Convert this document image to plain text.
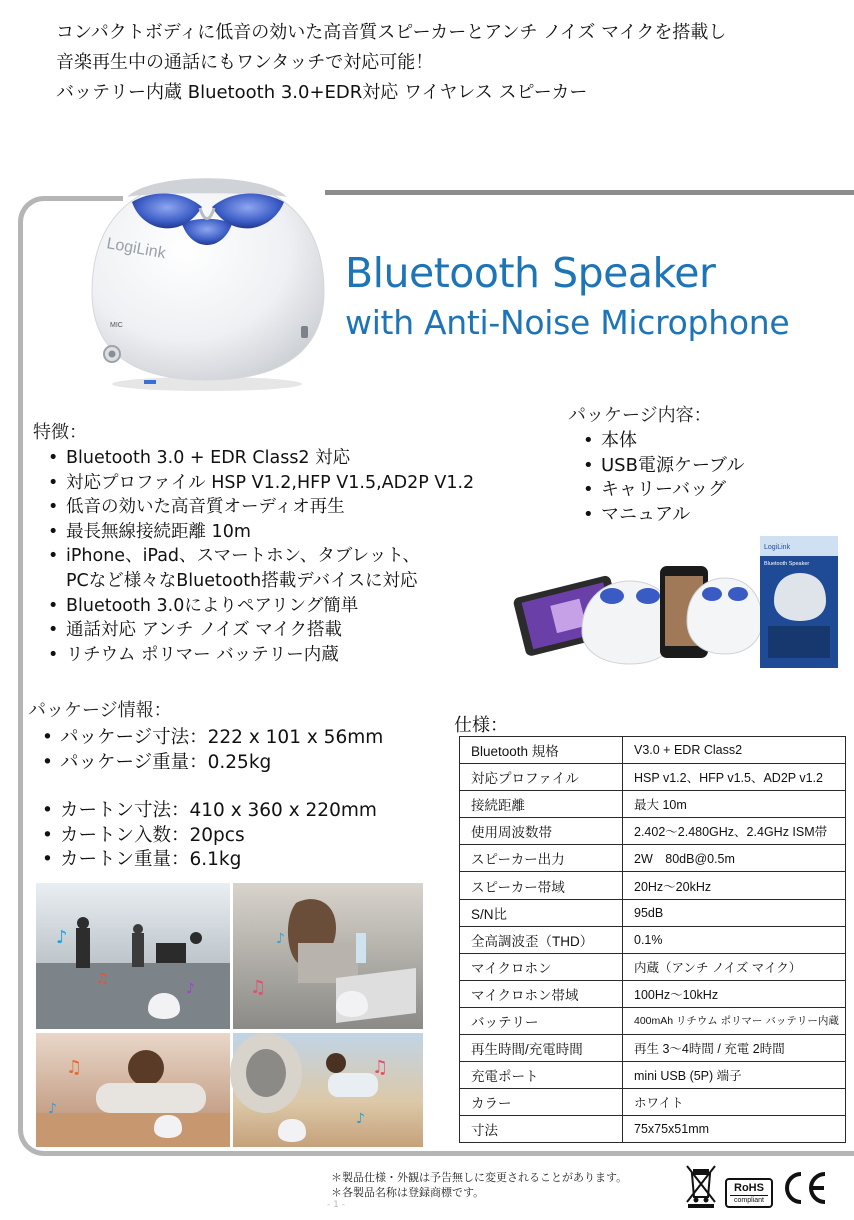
コンパクトボディに低音の効いた高音質スピーカーとアンチ ノイズ マイクを搭載し
音楽再生中の通話にもワンタッチで対応可能！
バッテリー内蔵 Bluetooth 3.0+EDR対応 ワイヤレス スピーカー
LogiLink
MIC
Bluetooth Speaker
with Anti-Noise Microphone
特徴：
• Bluetooth 3.0 + EDR Class2 対応
• 対応プロファイル HSP V1.2,HFP V1.5,AD2P V1.2
• 低音の効いた高音質オーディオ再生
• 最長無線接続距離 10m
• iPhone、iPad、スマートホン、タブレット、
PCなど様々なBluetooth搭載デバイスに対応
• Bluetooth 3.0によりペアリング簡単
• 通話対応 アンチ ノイズ マイク搭載
• リチウム ポリマー バッテリー内蔵
パッケージ内容：
• 本体
• USB電源ケーブル
• キャリーバッグ
• マニュアル
LogiLink
Bluetooth Speaker
パッケージ情報：
• パッケージ寸法：222 x 101 x 56mm
• パッケージ重量：0.25kg
• カートン寸法：410 x 360 x 220mm
• カートン入数：20pcs
• カートン重量：6.1kg
♪
♫
♪	♫
♪
♫
♪
♫
♪
仕様：
Bluetooth 規格	V3.0 + EDR Class2
対応プロファイル	HSP v1.2、HFP v1.5、AD2P v1.2
接続距離	最大 10m
使用周波数帯	2.402～2.480GHz、2.4GHz ISM帯
スピーカー出力	2W　80dB@0.5m
スピーカー帯域	20Hz～20kHz
S/N比	95dB
全高調波歪（THD）	0.1%
マイクロホン	内蔵（アンチ ノイズ マイク）
マイクロホン帯域	100Hz～10kHz
バッテリー	400mAh リチウム ポリマー バッテリー内蔵
再生時間/充電時間	再生 3～4時間 / 充電 2時間
充電ポート	mini USB (5P) 端子
カラー	ホワイト
寸法	75x75x51mm
＊製品仕様・外観は予告無しに変更されることがあります。
＊各製品名称は登録商標です。
- 1 -
RoHS
compliant
